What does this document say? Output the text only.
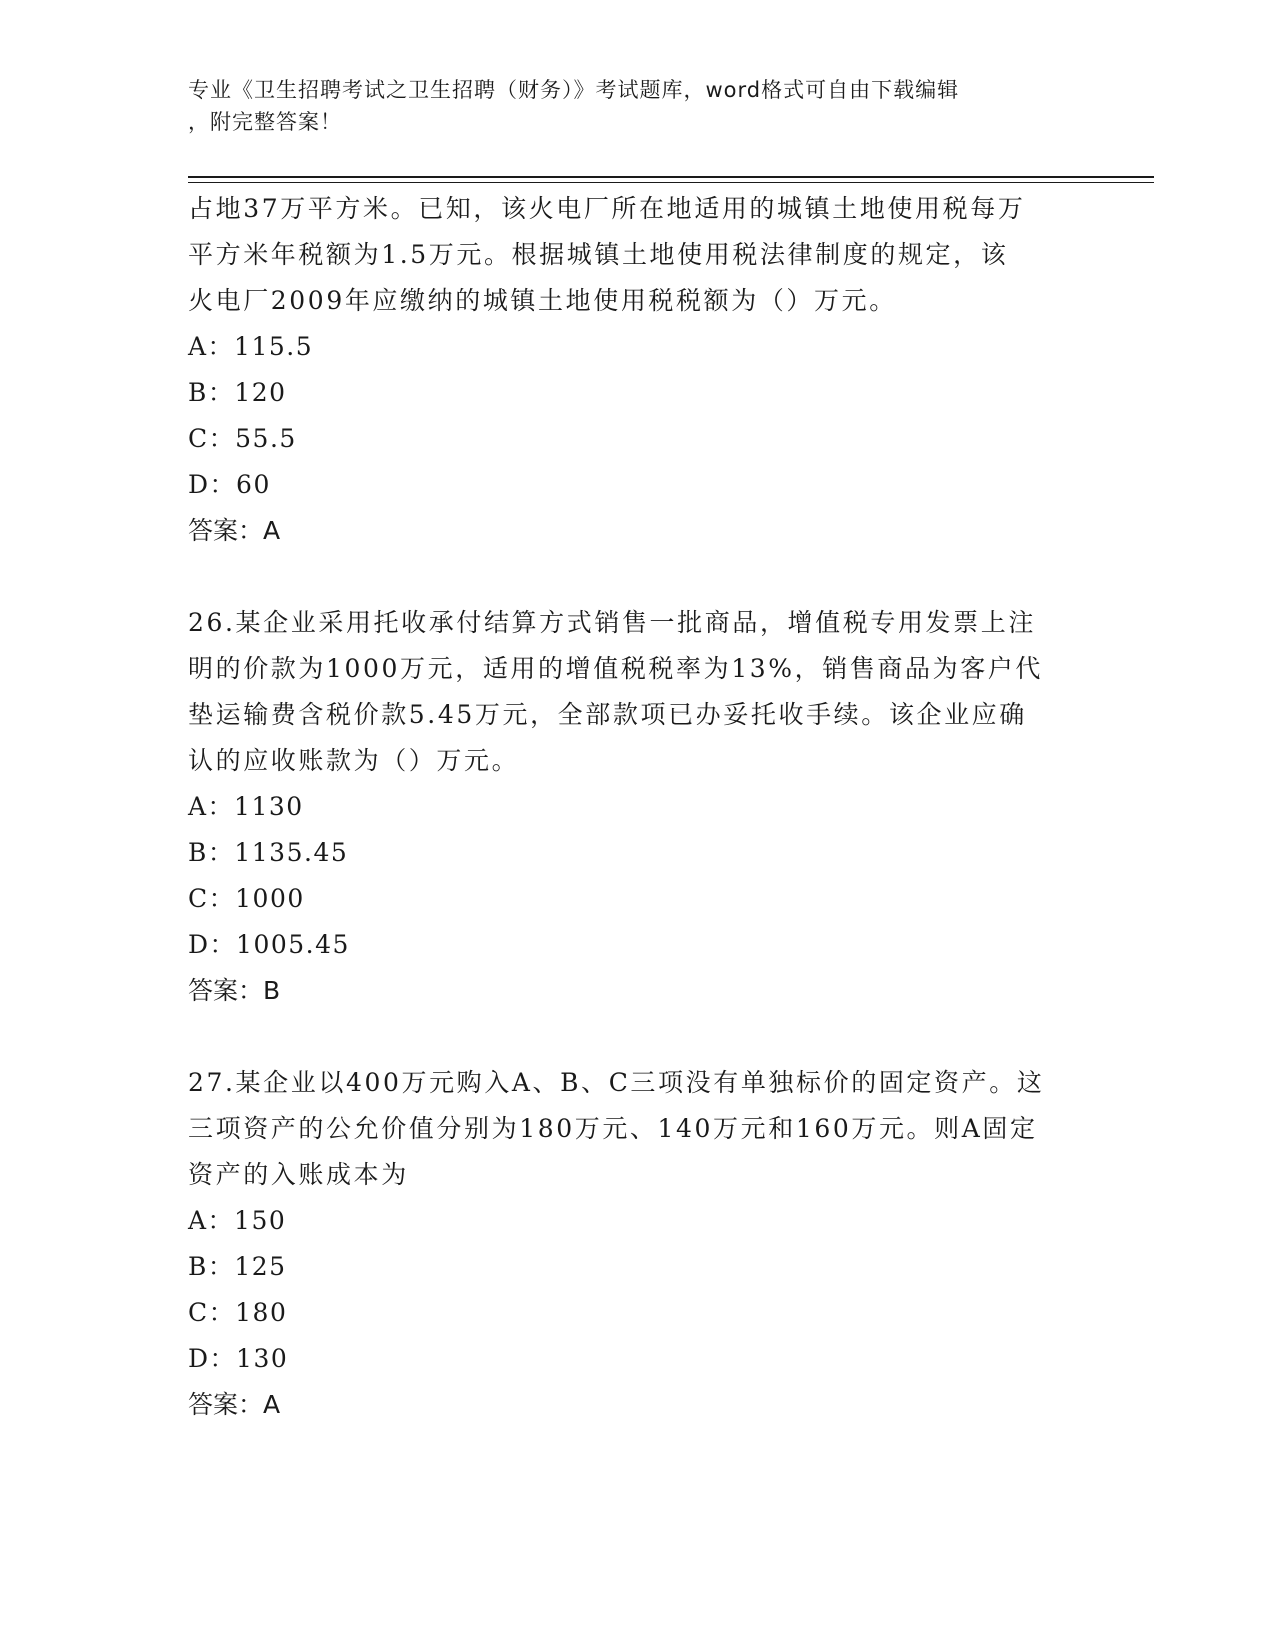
专业《卫生招聘考试之卫生招聘（财务）》考试题库，word格式可自由下载编辑
，附完整答案！

占地37万平方米。已知，该火电厂所在地适用的城镇土地使用税每万
平方米年税额为1.5万元。根据城镇土地使用税法律制度的规定，该
火电厂2009年应缴纳的城镇土地使用税税额为（）万元。

A：115.5

B：120

C：55.5

D：60

答案：A

26.某企业采用托收承付结算方式销售一批商品，增值税专用发票上注
明的价款为1000万元，适用的增值税税率为13%，销售商品为客户代
垫运输费含税价款5.45万元，全部款项已办妥托收手续。该企业应确
认的应收账款为（）万元。

A：1130

B：1135.45

C：1000

D：1005.45

答案：B

27.某企业以400万元购入A、B、C三项没有单独标价的固定资产。这
三项资产的公允价值分别为180万元、140万元和160万元。则A固定
资产的入账成本为

A：150

B：125

C：180

D：130

答案：A
